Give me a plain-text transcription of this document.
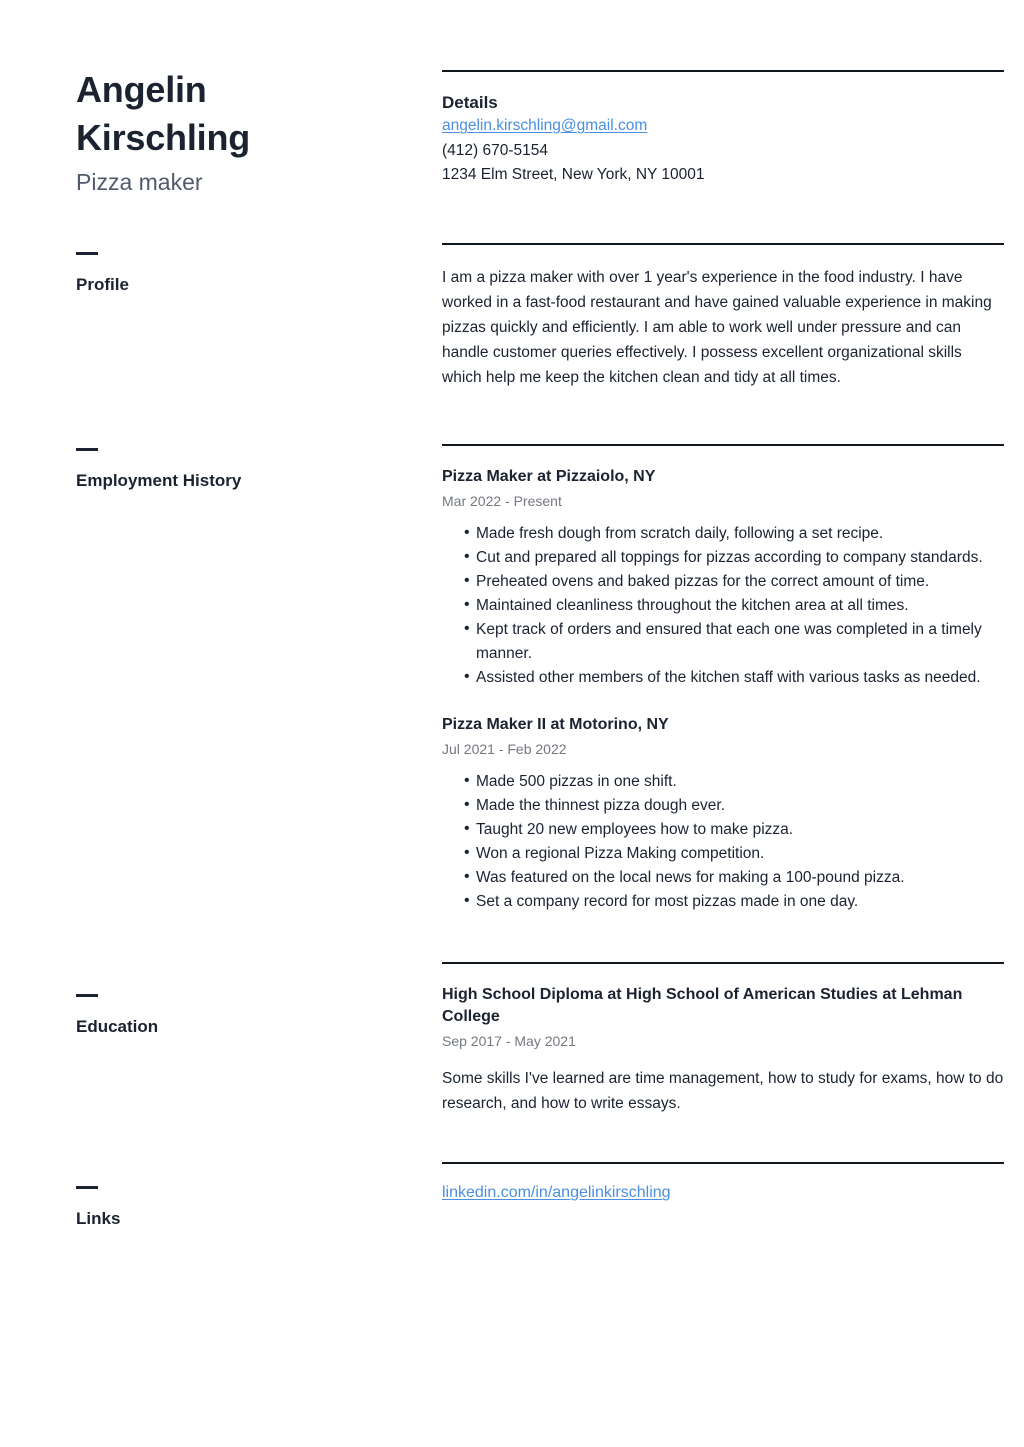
Angelin Kirschling
Pizza maker
Profile
Employment History
Education
Links
Details
angelin.kirschling@gmail.com
(412) 670-5154
1234 Elm Street, New York, NY 10001
I am a pizza maker with over 1 year's experience in the food industry. I have worked in a fast-food restaurant and have gained valuable experience in making pizzas quickly and efficiently. I am able to work well under pressure and can handle customer queries effectively. I possess excellent organizational skills which help me keep the kitchen clean and tidy at all times.
Pizza Maker at Pizzaiolo, NY
Mar 2022 - Present
• Made fresh dough from scratch daily, following a set recipe.
• Cut and prepared all toppings for pizzas according to company standards.
• Preheated ovens and baked pizzas for the correct amount of time.
• Maintained cleanliness throughout the kitchen area at all times.
• Kept track of orders and ensured that each one was completed in a timely manner.
• Assisted other members of the kitchen staff with various tasks as needed.
Pizza Maker II at Motorino, NY
Jul 2021 - Feb 2022
• Made 500 pizzas in one shift.
• Made the thinnest pizza dough ever.
• Taught 20 new employees how to make pizza.
• Won a regional Pizza Making competition.
• Was featured on the local news for making a 100-pound pizza.
• Set a company record for most pizzas made in one day.
High School Diploma at High School of American Studies at Lehman College
Sep 2017 - May 2021
Some skills I've learned are time management, how to study for exams, how to do research, and how to write essays.
linkedin.com/in/angelinkirschling
